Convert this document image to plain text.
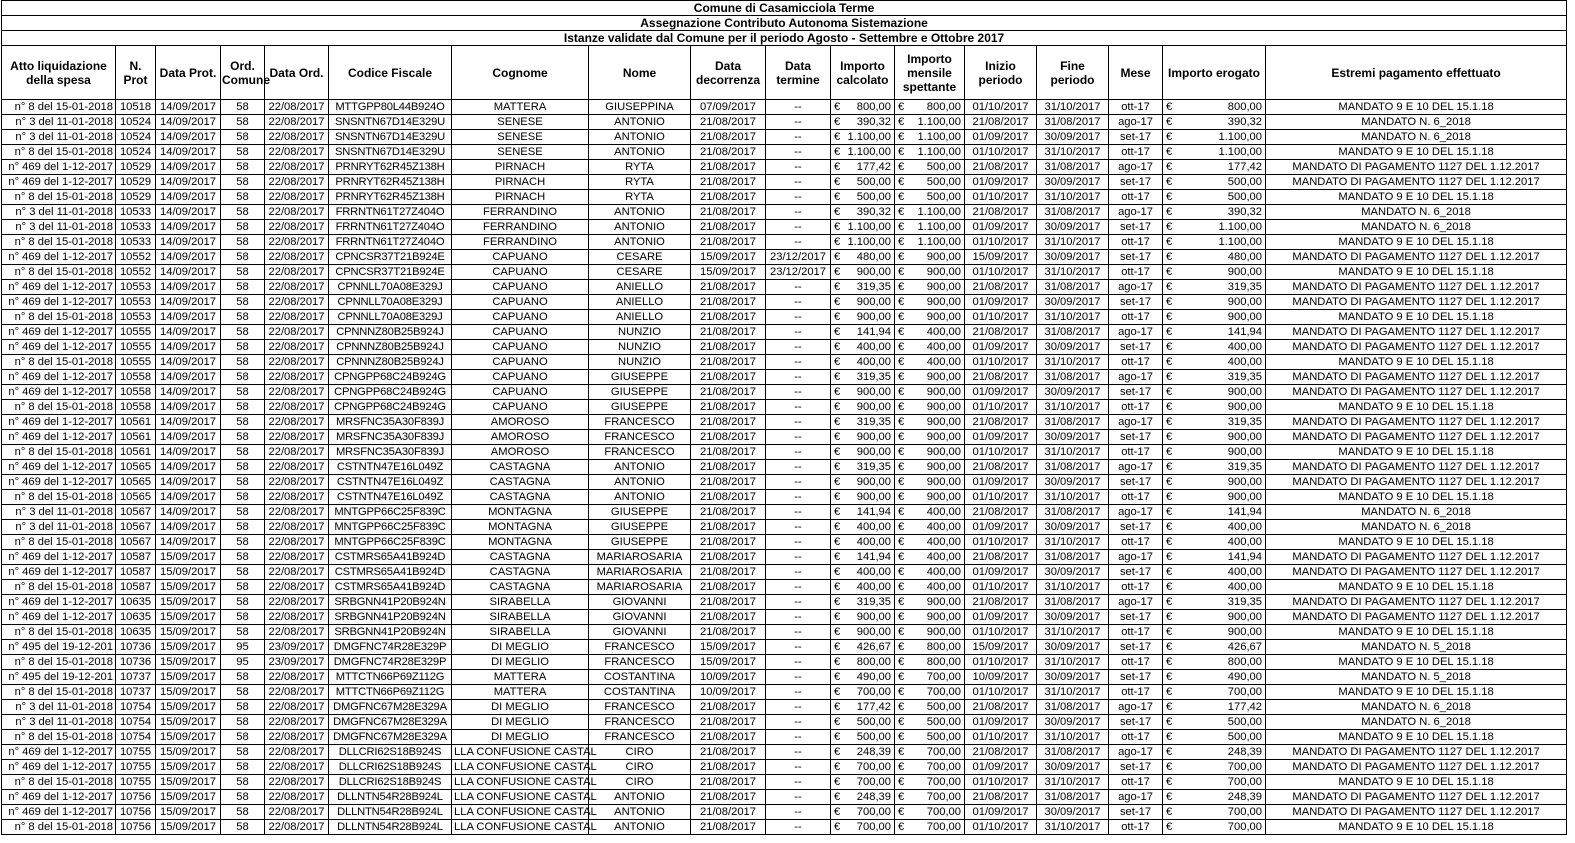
Comune di Casamicciola Terme																
Assegnazione Contributo Autonoma Sistemazione																
Istanze validate dal Comune per il periodo Agosto - Settembre e Ottobre 2017																
Atto liquidazione della spesa	N. Prot	Data Prot.	Ord. Comune	Data Ord.	Codice Fiscale	Cognome	Nome	Data decorrenza	Data termine	Importo calcolato	Importo mensile spettante	Inizio periodo	Fine periodo	Mese	Importo erogato	Estremi pagamento effettuato
n° 8 del 15-01-2018	10518	14/09/2017	58	22/08/2017	MTTGPP80L44B924O	MATTERA	GIUSEPPINA	07/09/2017	--	€ 800,00	€ 800,00	01/10/2017	31/10/2017	ott-17	€ 800,00	MANDATO 9 E 10 DEL 15.1.18
n° 3 del 11-01-2018	10524	14/09/2017	58	22/08/2017	SNSNTN67D14E329U	SENESE	ANTONIO	21/08/2017	--	€ 390,32	€ 1.100,00	21/08/2017	31/08/2017	ago-17	€ 390,32	MANDATO N. 6_2018
n° 3 del 11-01-2018	10524	14/09/2017	58	22/08/2017	SNSNTN67D14E329U	SENESE	ANTONIO	21/08/2017	--	€ 1.100,00	€ 1.100,00	01/09/2017	30/09/2017	set-17	€ 1.100,00	MANDATO N. 6_2018
n° 8 del 15-01-2018	10524	14/09/2017	58	22/08/2017	SNSNTN67D14E329U	SENESE	ANTONIO	21/08/2017	--	€ 1.100,00	€ 1.100,00	01/10/2017	31/10/2017	ott-17	€ 1.100,00	MANDATO 9 E 10 DEL 15.1.18
n° 469 del 1-12-2017	10529	14/09/2017	58	22/08/2017	PRNRYT62R45Z138H	PIRNACH	RYTA	21/08/2017	--	€ 177,42	€ 500,00	21/08/2017	31/08/2017	ago-17	€ 177,42	MANDATO DI PAGAMENTO 1127 DEL 1.12.2017
n° 469 del 1-12-2017	10529	14/09/2017	58	22/08/2017	PRNRYT62R45Z138H	PIRNACH	RYTA	21/08/2017	--	€ 500,00	€ 500,00	01/09/2017	30/09/2017	set-17	€ 500,00	MANDATO DI PAGAMENTO 1127 DEL 1.12.2017
n° 8 del 15-01-2018	10529	14/09/2017	58	22/08/2017	PRNRYT62R45Z138H	PIRNACH	RYTA	21/08/2017	--	€ 500,00	€ 500,00	01/10/2017	31/10/2017	ott-17	€ 500,00	MANDATO 9 E 10 DEL 15.1.18
n° 3 del 11-01-2018	10533	14/09/2017	58	22/08/2017	FRRNTN61T27Z404O	FERRANDINO	ANTONIO	21/08/2017	--	€ 390,32	€ 1.100,00	21/08/2017	31/08/2017	ago-17	€ 390,32	MANDATO N. 6_2018
n° 3 del 11-01-2018	10533	14/09/2017	58	22/08/2017	FRRNTN61T27Z404O	FERRANDINO	ANTONIO	21/08/2017	--	€ 1.100,00	€ 1.100,00	01/09/2017	30/09/2017	set-17	€ 1.100,00	MANDATO N. 6_2018
n° 8 del 15-01-2018	10533	14/09/2017	58	22/08/2017	FRRNTN61T27Z404O	FERRANDINO	ANTONIO	21/08/2017	--	€ 1.100,00	€ 1.100,00	01/10/2017	31/10/2017	ott-17	€ 1.100,00	MANDATO 9 E 10 DEL 15.1.18
n° 469 del 1-12-2017	10552	14/09/2017	58	22/08/2017	CPNCSR37T21B924E	CAPUANO	CESARE	15/09/2017	23/12/2017	€ 480,00	€ 900,00	15/09/2017	30/09/2017	set-17	€ 480,00	MANDATO DI PAGAMENTO 1127 DEL 1.12.2017
n° 8 del 15-01-2018	10552	14/09/2017	58	22/08/2017	CPNCSR37T21B924E	CAPUANO	CESARE	15/09/2017	23/12/2017	€ 900,00	€ 900,00	01/10/2017	31/10/2017	ott-17	€ 900,00	MANDATO 9 E 10 DEL 15.1.18
n° 469 del 1-12-2017	10553	14/09/2017	58	22/08/2017	CPNNLL70A08E329J	CAPUANO	ANIELLO	21/08/2017	--	€ 319,35	€ 900,00	21/08/2017	31/08/2017	ago-17	€ 319,35	MANDATO DI PAGAMENTO 1127 DEL 1.12.2017
n° 469 del 1-12-2017	10553	14/09/2017	58	22/08/2017	CPNNLL70A08E329J	CAPUANO	ANIELLO	21/08/2017	--	€ 900,00	€ 900,00	01/09/2017	30/09/2017	set-17	€ 900,00	MANDATO DI PAGAMENTO 1127 DEL 1.12.2017
n° 8 del 15-01-2018	10553	14/09/2017	58	22/08/2017	CPNNLL70A08E329J	CAPUANO	ANIELLO	21/08/2017	--	€ 900,00	€ 900,00	01/10/2017	31/10/2017	ott-17	€ 900,00	MANDATO 9 E 10 DEL 15.1.18
n° 469 del 1-12-2017	10555	14/09/2017	58	22/08/2017	CPNNNZ80B25B924J	CAPUANO	NUNZIO	21/08/2017	--	€ 141,94	€ 400,00	21/08/2017	31/08/2017	ago-17	€ 141,94	MANDATO DI PAGAMENTO 1127 DEL 1.12.2017
n° 469 del 1-12-2017	10555	14/09/2017	58	22/08/2017	CPNNNZ80B25B924J	CAPUANO	NUNZIO	21/08/2017	--	€ 400,00	€ 400,00	01/09/2017	30/09/2017	set-17	€ 400,00	MANDATO DI PAGAMENTO 1127 DEL 1.12.2017
n° 8 del 15-01-2018	10555	14/09/2017	58	22/08/2017	CPNNNZ80B25B924J	CAPUANO	NUNZIO	21/08/2017	--	€ 400,00	€ 400,00	01/10/2017	31/10/2017	ott-17	€ 400,00	MANDATO 9 E 10 DEL 15.1.18
n° 469 del 1-12-2017	10558	14/09/2017	58	22/08/2017	CPNGPP68C24B924G	CAPUANO	GIUSEPPE	21/08/2017	--	€ 319,35	€ 900,00	21/08/2017	31/08/2017	ago-17	€ 319,35	MANDATO DI PAGAMENTO 1127 DEL 1.12.2017
n° 469 del 1-12-2017	10558	14/09/2017	58	22/08/2017	CPNGPP68C24B924G	CAPUANO	GIUSEPPE	21/08/2017	--	€ 900,00	€ 900,00	01/09/2017	30/09/2017	set-17	€ 900,00	MANDATO DI PAGAMENTO 1127 DEL 1.12.2017
n° 8 del 15-01-2018	10558	14/09/2017	58	22/08/2017	CPNGPP68C24B924G	CAPUANO	GIUSEPPE	21/08/2017	--	€ 900,00	€ 900,00	01/10/2017	31/10/2017	ott-17	€ 900,00	MANDATO 9 E 10 DEL 15.1.18
n° 469 del 1-12-2017	10561	14/09/2017	58	22/08/2017	MRSFNC35A30F839J	AMOROSO	FRANCESCO	21/08/2017	--	€ 319,35	€ 900,00	21/08/2017	31/08/2017	ago-17	€ 319,35	MANDATO DI PAGAMENTO 1127 DEL 1.12.2017
n° 469 del 1-12-2017	10561	14/09/2017	58	22/08/2017	MRSFNC35A30F839J	AMOROSO	FRANCESCO	21/08/2017	--	€ 900,00	€ 900,00	01/09/2017	30/09/2017	set-17	€ 900,00	MANDATO DI PAGAMENTO 1127 DEL 1.12.2017
n° 8 del 15-01-2018	10561	14/09/2017	58	22/08/2017	MRSFNC35A30F839J	AMOROSO	FRANCESCO	21/08/2017	--	€ 900,00	€ 900,00	01/10/2017	31/10/2017	ott-17	€ 900,00	MANDATO 9 E 10 DEL 15.1.18
n° 469 del 1-12-2017	10565	14/09/2017	58	22/08/2017	CSTNTN47E16L049Z	CASTAGNA	ANTONIO	21/08/2017	--	€ 319,35	€ 900,00	21/08/2017	31/08/2017	ago-17	€ 319,35	MANDATO DI PAGAMENTO 1127 DEL 1.12.2017
n° 469 del 1-12-2017	10565	14/09/2017	58	22/08/2017	CSTNTN47E16L049Z	CASTAGNA	ANTONIO	21/08/2017	--	€ 900,00	€ 900,00	01/09/2017	30/09/2017	set-17	€ 900,00	MANDATO DI PAGAMENTO 1127 DEL 1.12.2017
n° 8 del 15-01-2018	10565	14/09/2017	58	22/08/2017	CSTNTN47E16L049Z	CASTAGNA	ANTONIO	21/08/2017	--	€ 900,00	€ 900,00	01/10/2017	31/10/2017	ott-17	€ 900,00	MANDATO 9 E 10 DEL 15.1.18
n° 3 del 11-01-2018	10567	14/09/2017	58	22/08/2017	MNTGPP66C25F839C	MONTAGNA	GIUSEPPE	21/08/2017	--	€ 141,94	€ 400,00	21/08/2017	31/08/2017	ago-17	€ 141,94	MANDATO N. 6_2018
n° 3 del 11-01-2018	10567	14/09/2017	58	22/08/2017	MNTGPP66C25F839C	MONTAGNA	GIUSEPPE	21/08/2017	--	€ 400,00	€ 400,00	01/09/2017	30/09/2017	set-17	€ 400,00	MANDATO N. 6_2018
n° 8 del 15-01-2018	10567	14/09/2017	58	22/08/2017	MNTGPP66C25F839C	MONTAGNA	GIUSEPPE	21/08/2017	--	€ 400,00	€ 400,00	01/10/2017	31/10/2017	ott-17	€ 400,00	MANDATO 9 E 10 DEL 15.1.18
n° 469 del 1-12-2017	10587	15/09/2017	58	22/08/2017	CSTMRS65A41B924D	CASTAGNA	MARIAROSARIA	21/08/2017	--	€ 141,94	€ 400,00	21/08/2017	31/08/2017	ago-17	€ 141,94	MANDATO DI PAGAMENTO 1127 DEL 1.12.2017
n° 469 del 1-12-2017	10587	15/09/2017	58	22/08/2017	CSTMRS65A41B924D	CASTAGNA	MARIAROSARIA	21/08/2017	--	€ 400,00	€ 400,00	01/09/2017	30/09/2017	set-17	€ 400,00	MANDATO DI PAGAMENTO 1127 DEL 1.12.2017
n° 8 del 15-01-2018	10587	15/09/2017	58	22/08/2017	CSTMRS65A41B924D	CASTAGNA	MARIAROSARIA	21/08/2017	--	€ 400,00	€ 400,00	01/10/2017	31/10/2017	ott-17	€ 400,00	MANDATO 9 E 10 DEL 15.1.18
n° 469 del 1-12-2017	10635	15/09/2017	58	22/08/2017	SRBGNN41P20B924N	SIRABELLA	GIOVANNI	21/08/2017	--	€ 319,35	€ 900,00	21/08/2017	31/08/2017	ago-17	€ 319,35	MANDATO DI PAGAMENTO 1127 DEL 1.12.2017
n° 469 del 1-12-2017	10635	15/09/2017	58	22/08/2017	SRBGNN41P20B924N	SIRABELLA	GIOVANNI	21/08/2017	--	€ 900,00	€ 900,00	01/09/2017	30/09/2017	set-17	€ 900,00	MANDATO DI PAGAMENTO 1127 DEL 1.12.2017
n° 8 del 15-01-2018	10635	15/09/2017	58	22/08/2017	SRBGNN41P20B924N	SIRABELLA	GIOVANNI	21/08/2017	--	€ 900,00	€ 900,00	01/10/2017	31/10/2017	ott-17	€ 900,00	MANDATO 9 E 10 DEL 15.1.18
n° 495 del 19-12-201	10736	15/09/2017	95	23/09/2017	DMGFNC74R28E329P	DI MEGLIO	FRANCESCO	15/09/2017	--	€ 426,67	€ 800,00	15/09/2017	30/09/2017	set-17	€ 426,67	MANDATO N. 5_2018
n° 8 del 15-01-2018	10736	15/09/2017	95	23/09/2017	DMGFNC74R28E329P	DI MEGLIO	FRANCESCO	15/09/2017	--	€ 800,00	€ 800,00	01/10/2017	31/10/2017	ott-17	€ 800,00	MANDATO 9 E 10 DEL 15.1.18
n° 495 del 19-12-201	10737	15/09/2017	58	22/08/2017	MTTCTN66P69Z112G	MATTERA	COSTANTINA	10/09/2017	--	€ 490,00	€ 700,00	10/09/2017	30/09/2017	set-17	€ 490,00	MANDATO N. 5_2018
n° 8 del 15-01-2018	10737	15/09/2017	58	22/08/2017	MTTCTN66P69Z112G	MATTERA	COSTANTINA	10/09/2017	--	€ 700,00	€ 700,00	01/10/2017	31/10/2017	ott-17	€ 700,00	MANDATO 9 E 10 DEL 15.1.18
n° 3 del 11-01-2018	10754	15/09/2017	58	22/08/2017	DMGFNC67M28E329A	DI MEGLIO	FRANCESCO	21/08/2017	--	€ 177,42	€ 500,00	21/08/2017	31/08/2017	ago-17	€ 177,42	MANDATO N. 6_2018
n° 3 del 11-01-2018	10754	15/09/2017	58	22/08/2017	DMGFNC67M28E329A	DI MEGLIO	FRANCESCO	21/08/2017	--	€ 500,00	€ 500,00	01/09/2017	30/09/2017	set-17	€ 500,00	MANDATO N. 6_2018
n° 8 del 15-01-2018	10754	15/09/2017	58	22/08/2017	DMGFNC67M28E329A	DI MEGLIO	FRANCESCO	21/08/2017	--	€ 500,00	€ 500,00	01/10/2017	31/10/2017	ott-17	€ 500,00	MANDATO 9 E 10 DEL 15.1.18
n° 469 del 1-12-2017	10755	15/09/2017	58	22/08/2017	DLLCRI62S18B924S	LLA CONFUSIONE CASTAL	CIRO	21/08/2017	--	€ 248,39	€ 700,00	21/08/2017	31/08/2017	ago-17	€ 248,39	MANDATO DI PAGAMENTO 1127 DEL 1.12.2017
n° 469 del 1-12-2017	10755	15/09/2017	58	22/08/2017	DLLCRI62S18B924S	LLA CONFUSIONE CASTAL	CIRO	21/08/2017	--	€ 700,00	€ 700,00	01/09/2017	30/09/2017	set-17	€ 700,00	MANDATO DI PAGAMENTO 1127 DEL 1.12.2017
n° 8 del 15-01-2018	10755	15/09/2017	58	22/08/2017	DLLCRI62S18B924S	LLA CONFUSIONE CASTAL	CIRO	21/08/2017	--	€ 700,00	€ 700,00	01/10/2017	31/10/2017	ott-17	€ 700,00	MANDATO 9 E 10 DEL 15.1.18
n° 469 del 1-12-2017	10756	15/09/2017	58	22/08/2017	DLLNTN54R28B924L	LLA CONFUSIONE CASTAL	ANTONIO	21/08/2017	--	€ 248,39	€ 700,00	21/08/2017	31/08/2017	ago-17	€ 248,39	MANDATO DI PAGAMENTO 1127 DEL 1.12.2017
n° 469 del 1-12-2017	10756	15/09/2017	58	22/08/2017	DLLNTN54R28B924L	LLA CONFUSIONE CASTAL	ANTONIO	21/08/2017	--	€ 700,00	€ 700,00	01/09/2017	30/09/2017	set-17	€ 700,00	MANDATO DI PAGAMENTO 1127 DEL 1.12.2017
n° 8 del 15-01-2018	10756	15/09/2017	58	22/08/2017	DLLNTN54R28B924L	LLA CONFUSIONE CASTAL	ANTONIO	21/08/2017	--	€ 700,00	€ 700,00	01/10/2017	31/10/2017	ott-17	€ 700,00	MANDATO 9 E 10 DEL 15.1.18
